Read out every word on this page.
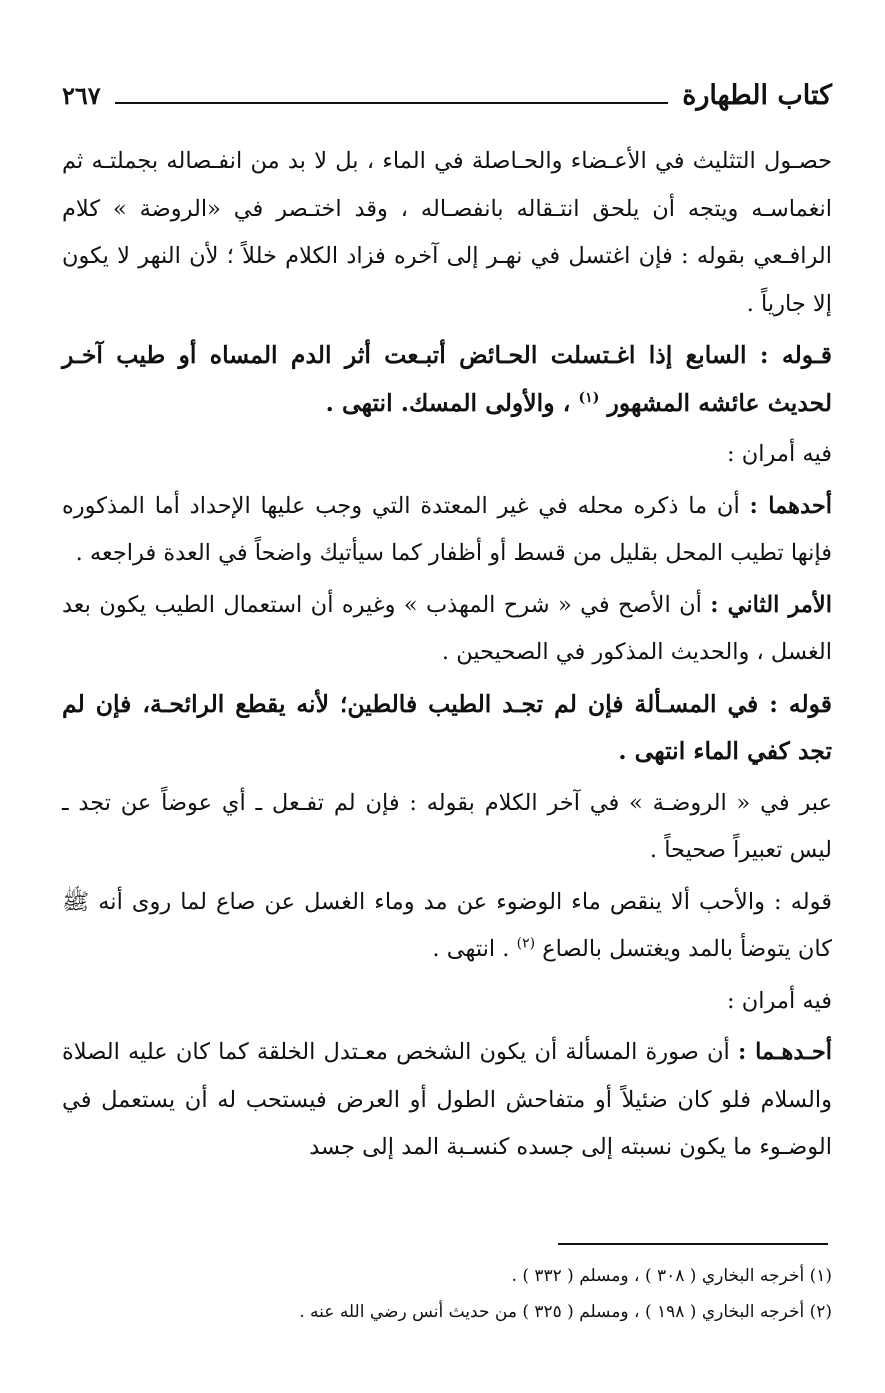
كتاب الطهارة
٢٦٧

حصـول التثليث في الأعـضاء والحـاصلة في الماء ، بل لا بد من انفـصاله بجملتـه ثم انغماسـه ويتجه أن يلحق انتـقاله بانفصـاله ، وقد اختـصر في «الروضة » كلام الرافـعي بقوله : فإن اغتسل في نهـر إلى آخره فزاد الكلام خللاً ؛ لأن النهر لا يكون إلا جارياً .

قـوله : السابع إذا اغـتسلت الحـائض أتبـعت أثر الدم المساه أو طيب آخـر لحديث عائشه المشهور $^{(١)}$ ، والأولى المسك. انتهى .

فيه أمران :

أحدهما : أن ما ذكره محله في غير المعتدة التي وجب عليها الإحداد أما المذكوره فإنها تطيب المحل بقليل من قسط أو أظفار كما سيأتيك واضحاً في العدة فراجعه .

الأمر الثاني : أن الأصح في « شرح المهذب » وغيره أن استعمال الطيب يكون بعد الغسل ، والحديث المذكور في الصحيحين .

قوله : في المسـألة فإن لم تجـد الطيب فالطين؛ لأنه يقطع الرائحـة، فإن لم تجد كفي الماء انتهى .

عبر في « الروضـة » في آخر الكلام بقوله : فإن لم تفـعل ـ أي عوضاً عن تجد ـ ليس تعبيراً صحيحاً .

قوله : والأحب ألا ينقص ماء الوضوء عن مد وماء الغسل عن صاع لما روى أنه ﷺ كان يتوضأ بالمد ويغتسل بالصاع $^{(٢)}$ . انتهى .

فيه أمران :

أحـدهـما : أن صورة المسألة أن يكون الشخص معـتدل الخلقة كما كان عليه الصلاة والسلام فلو كان ضئيلاً أو متفاحش الطول أو العرض فيستحب له أن يستعمل في الوضـوء ما يكون نسبته إلى جسده كنسـبة المد إلى جسد

(١) أخرجه البخاري ( ٣٠٨ ) ، ومسلم ( ٣٣٢ ) .

(٢) أخرجه البخاري ( ١٩٨ ) ، ومسلم ( ٣٢٥ ) من حديث أنس رضي الله عنه .
